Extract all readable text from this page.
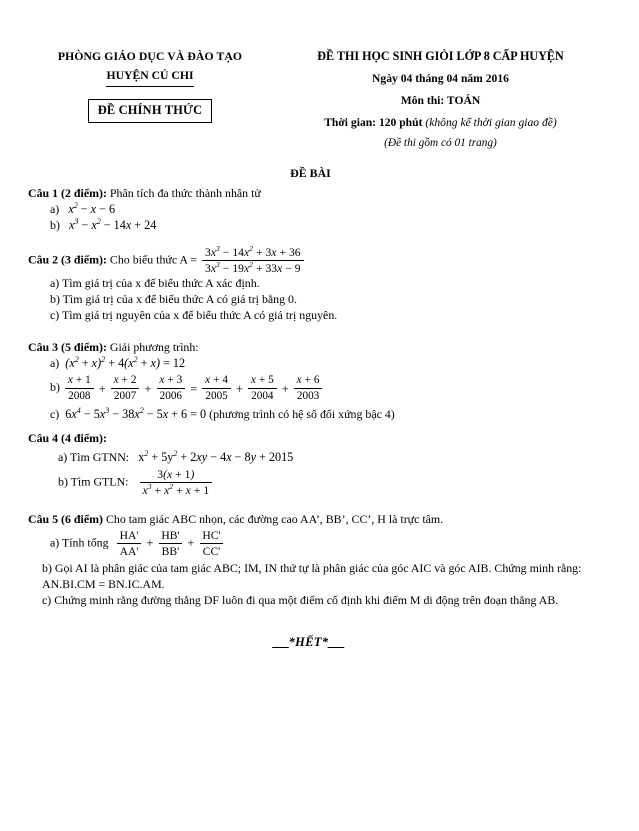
PHÒNG GIÁO DỤC VÀ ĐÀO TẠO
HUYỆN CỦ CHI
ĐỀ CHÍNH THỨC
ĐỀ THI HỌC SINH GIỎI LỚP 8 CẤP HUYỆN
Ngày 04 tháng 04 năm 2016
Môn thi: TOÁN
Thời gian: 120 phút (không kể thời gian giao đề)
(Đề thi gồm có 01 trang)
ĐỀ BÀI
Câu 1 (2 điểm): Phân tích đa thức thành nhân tử
a) $x^2 - x - 6$
b) $x^3 - x^2 - 14x + 24$
Câu 2 (3 điểm): Cho biểu thức $A = \frac{3x^3 - 14x^2 + 3x + 36}{3x^3 - 19x^2 + 33x - 9}$
a) Tìm giá trị của x để biểu thức A xác định.
b) Tìm giá trị của x để biểu thức A có giá trị bằng 0.
c) Tìm giá trị nguyên của x để biểu thức A có giá trị nguyên.
Câu 3 (5 điểm): Giải phương trình:
a)  $(x^2 + x)^2 + 4(x^2 + x) = 12$
$b) \frac{x + 1}{2008} + \frac{x + 2}{2007} + \frac{x + 3}{2006} = \frac{x + 4}{2005} + \frac{x + 5}{2004} + \frac{x + 6}{2003}$
c) $6x^4 - 5x^3 - 38x^2 - 5x + 6 = 0$ (phương trình có hệ số đối xứng bậc 4)
Câu 4 (4 điểm):
a) Tìm GTNN: $x^2 + 5y^2 + 2xy - 4x - 8y + 2015$
b) Tìm GTLN: $\frac{3(x + 1)}{x^3 + x^2 + x + 1}$
Câu 5 (6 điểm) Cho tam giác ABC nhọn, các đường cao AA’, BB’, CC’, H là trực tâm.
a) Tính tổng $\frac{HA'}{AA'} + \frac{HB'}{BB'} + \frac{HC'}{CC'}$
b) Gọi AI là phân giác của tam giác ABC; IM, IN thứ tự là phân giác của góc AIC và góc AIB. Chứng minh rằng: AN.BI.CM = BN.IC.AM.
c) Chứng minh rằng đường thẳng DF luôn đi qua một điểm cố định khi điểm M di động trên đoạn thẳng AB.
___*HẾT*___
